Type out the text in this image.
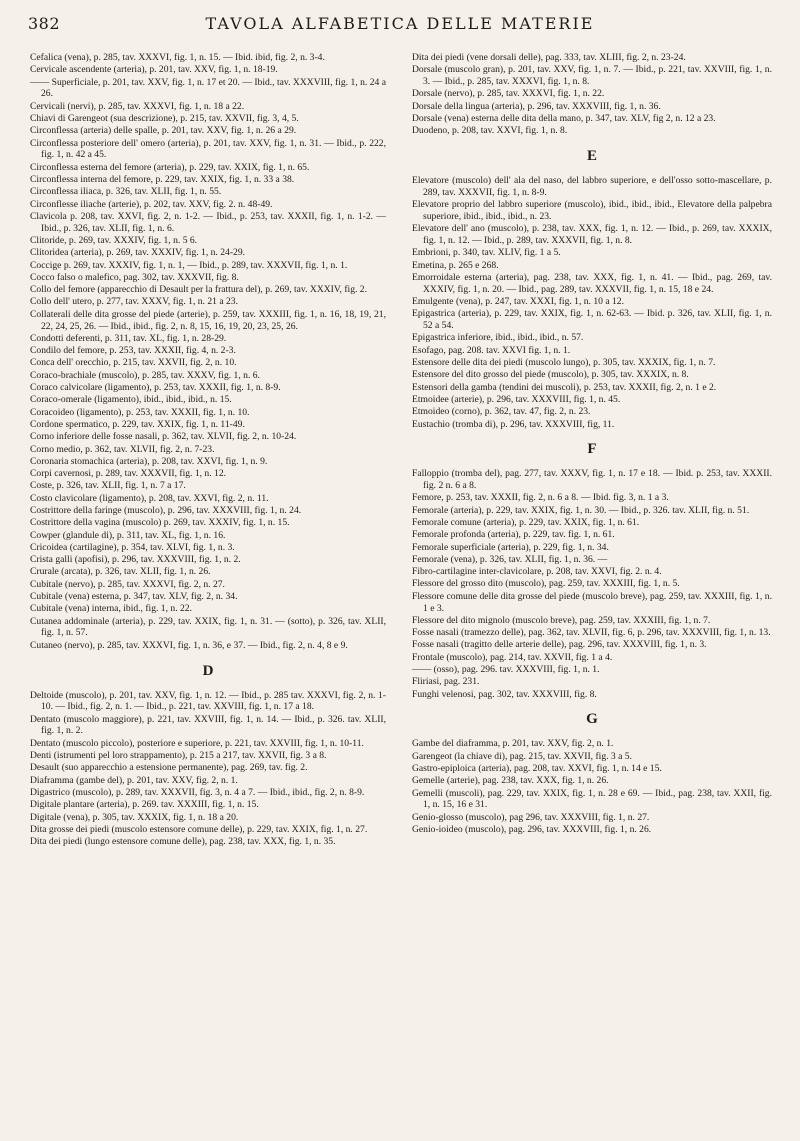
382	TAVOLA ALFABETICA DELLE MATERIE
Cefalica (vena), p. 285, tav. XXXVI, fig. 1, n. 15. — Ibid. ibid, fig. 2, n. 3-4.
Cervicale ascendente (arteria), p. 201, tav. XXV, fig. 1, n. 18-19.
—— Superficiale, p. 201, tav. XXV, fig. 1, n. 17 et 20. — Ibid., tav. XXXVIII, fig. 1, n. 24 a 26.
Cervicali (nervi), p. 285, tav. XXXVI, fig. 1, n. 18 a 22.
Chiavi di Garengeot (sua descrizione), p. 215, tav. XXVII, fig. 3, 4, 5.
Circonflessa (arteria) delle spalle, p. 201, tav. XXV, fig. 1, n. 26 a 29.
Circonflessa posteriore dell' omero (arteria), p. 201, tav. XXV, fig. 1, n. 31. — Ibid., p. 222, fig. 1, n. 42 a 45.
Circonflessa esterna del femore (arteria), p. 229, tav. XXIX, fig. 1, n. 65.
Circonflessa interna del femore, p. 229, tav. XXIX, fig. 1, n. 33 a 38.
Circonflessa iliaca, p. 326, tav. XLII, fig. 1, n. 55.
Circonflesse iliache (arterie), p. 202, tav. XXV, fig. 2. n. 48-49.
Clavicola p. 208, tav. XXVI, fig. 2, n. 1-2. — Ibid., p. 253, tav. XXXII, fig. 1, n. 1-2. — Ibid., p. 326, tav. XLII, fig. 1, n. 6.
Clitoride, p. 269, tav. XXXIV, fig. 1, n. 5 6.
Clitoridea (arteria), p. 269, tav. XXXIV, fig. 1, n. 24-29.
Coccige p. 269, tav. XXXIV, fig. 1, n. 1, — Ibid., p. 289, tav. XXXVII, fig. 1, n. 1.
Cocco falso o malefico, pag. 302, tav. XXXVII, fig. 8.
Collo del femore (apparecchio di Desault per la frattura del), p. 269, tav. XXXIV, fig. 2.
Collo dell' utero, p. 277, tav. XXXV, fig. 1, n. 21 a 23.
Collaterali delle dita grosse del piede (arterie), p. 259, tav. XXXIII, fig. 1, n. 16, 18, 19, 21, 22, 24, 25, 26. — Ibid., ibid., fig. 2, n. 8, 15, 16, 19, 20, 23, 25, 26.
Condotti deferenti, p. 311, tav. XL, fig. 1, n. 28-29.
Condilo del femore, p. 253, tav. XXXII, fig. 4, n. 2-3.
Conca dell' orecchio, p. 215, tav. XXVII, fig. 2, n. 10.
Coraco-brachiale (muscolo), p. 285, tav. XXXV, fig. 1, n. 6.
Coraco calvicolare (ligamento), p. 253, tav. XXXII, fig. 1, n. 8-9.
Coraco-omerale (ligamento), ibid., ibid., ibid., n. 15.
Coracoideo (ligamento), p. 253, tav. XXXII, fig. 1, n. 10.
Cordone spermatico, p. 229, tav. XXIX, fig. 1, n. 11-49.
Corno inferiore delle fosse nasali, p. 362, tav. XLVII, fig. 2, n. 10-24.
Corno medio, p. 362, tav. XLVII, fig. 2, n. 7-23.
Coronaria stomachica (arteria), p. 208, tav. XXVI, fig. 1, n. 9.
Corpi cavernosi, p. 289, tav. XXXVII, fig. 1, n. 12.
Coste, p. 326, tav. XLII, fig. 1, n. 7 a 17.
Costo clavicolare (ligamento), p. 208, tav. XXVI, fig. 2, n. 11.
Costrittore della faringe (muscolo), p. 296, tav. XXXVIII, fig. 1, n. 24.
Costrittore della vagina (muscolo) p. 269, tav. XXXIV, fig. 1, n. 15.
Cowper (glandule di), p. 311, tav. XL, fig. 1, n. 16.
Cricoidea (cartilagine), p. 354, tav. XLVI, fig. 1, n. 3.
Crista galli (apofisi), p. 296, tav. XXXVIII, fig. 1, n. 2.
Crurale (arcata), p. 326, tav. XLII, fig. 1, n. 26.
Cubitale (nervo), p. 285, tav. XXXVI, fig. 2, n. 27.
Cubitale (vena) esterna, p. 347, tav. XLV, fig. 2, n. 34.
Cubitale (vena) interna, ibid., fig. 1, n. 22.
Cutanea addominale (arteria), p. 229, tav. XXIX, fig. 1, n. 31. — (sotto), p. 326, tav. XLII, fig. 1, n. 57.
Cutaneo (nervo), p. 285, tav. XXXVI, fig. 1, n. 36, e 37. — Ibid., fig. 2, n. 4, 8 e 9.
D
Deltoide (muscolo), p. 201, tav. XXV, fig. 1, n. 12. — Ibid., p. 285 tav. XXXVI, fig. 2, n. 1-10. — Ibid., fig. 2, n. 1. — Ibid., p. 221, tav. XXVIII, fig. 1, n. 17 a 18.
Dentato (muscolo maggiore), p. 221, tav. XXVIII, fig. 1, n. 14. — Ibid., p. 326. tav. XLII, fig. 1, n. 2.
Dentato (muscolo piccolo), posteriore e superiore, p. 221, tav. XXVIII, fig. 1, n. 10-11.
Denti (istrumenti pel loro strappamento), p. 215 a 217, tav. XXVII, fig. 3 a 8.
Desault (suo apparecchio a estensione permanente), pag. 269, tav. fig. 2.
Diaframma (gambe del), p. 201, tav. XXV, fig. 2, n. 1.
Digastrico (muscolo), p. 289, tav. XXXVII, fig. 3, n. 4 a 7. — Ibid., ibid., fig. 2, n. 8-9.
Digitale plantare (arteria), p. 269. tav. XXXIII, fig. 1, n. 15.
Digitale (vena), p. 305, tav. XXXIX, fig. 1, n. 18 a 20.
Dita grosse dei piedi (muscolo estensore comune delle), p. 229, tav. XXIX, fig. 1, n. 27.
Dita dei piedi (lungo estensore comune delle), pag. 238, tav. XXX, fig. 1, n. 35.
Dita dei piedi (vene dorsali delle), pag. 333, tav. XLIII, fig. 2, n. 23-24.
Dorsale (muscolo gran), p. 201, tav. XXV, fig. 1, n. 7. — Ibid., p. 221, tav. XXVIII, fig. 1, n. 3. — Ibid., p. 285, tav. XXXVI, fig. 1, n. 8.
Dorsale (nervo), p. 285, tav. XXXVI, fig. 1, n. 22.
Dorsale della lingua (arteria), p. 296, tav. XXXVIII, fig. 1, n. 36.
Dorsale (vena) esterna delle dita della mano, p. 347, tav. XLV, fig 2, n. 12 a 23.
Duodeno, p. 208, tav. XXVI, fig. 1, n. 8.
E
Elevatore (muscolo) dell' ala del naso, del labbro superiore, e dell'osso sotto-mascellare, p. 289, tav. XXXVII, fig. 1, n. 8-9.
Elevatore proprio del labbro superiore (muscolo), ibid., ibid., ibid., Elevatore della palpebra superiore, ibid., ibid., ibid., n. 23.
Elevatore dell' ano (muscolo), p. 238, tav. XXX, fig. 1, n. 12. — Ibid., p. 269, tav. XXXIX, fig. 1, n. 12. — Ibid., p. 289, tav. XXXVII, fig. 1, n. 8.
Embrioni, p. 340, tav. XLIV, fig. 1 a 5.
Emetina, p. 265 e 268.
Emorroidale esterna (arteria), pag. 238, tav. XXX, fig. 1, n. 41. — Ibid., pag. 269, tav. XXXIV, fig. 1, n. 20. — Ibid., pag. 289, tav. XXXVII, fig. 1, n. 15, 18 e 24.
Emulgente (vena), p. 247, tav. XXXI, fig. 1, n. 10 a 12.
Epigastrica (arteria), p. 229, tav. XXIX, fig. 1, n. 62-63. — Ibid. p. 326, tav. XLII, fig. 1, n. 52 a 54.
Epigastrica inferiore, ibid., ibid., ibid., n. 57.
Esofago, pag. 208. tav. XXVI fig. 1, n. 1.
Estensore delle dita dei piedi (muscolo lungo), p. 305, tav. XXXIX, fig. 1, n. 7.
Estensore del dito grosso del piede (muscolo), p. 305, tav. XXXIX, n. 8.
Estensori della gamba (tendini dei muscoli), p. 253, tav. XXXII, fig. 2, n. 1 e 2.
Etmoidee (arterie), p. 296, tav. XXXVIII, fig. 1, n. 45.
Etmoideo (corno), p. 362, tav. 47, fig. 2, n. 23.
Eustachio (tromba di), p. 296, tav. XXXVIII, fig, 11.
F
Falloppio (tromba del), pag. 277, tav. XXXV, fig. 1, n. 17 e 18. — Ibid. p. 253, tav. XXXII. fig. 2 n. 6 a 8.
Femore, p. 253, tav. XXXII, fig. 2, n. 6 a 8. — Ibid. fig. 3, n. 1 a 3.
Femorale (arteria), p. 229, tav. XXIX, fig. 1, n. 30. — Ibid., p. 326. tav. XLII, fig. n. 51.
Femorale comune (arteria), p. 229, tav. XXIX, fig. 1, n. 61.
Femorale profonda (arteria), p. 229, tav. fig. 1, n. 61.
Femorale superficiale (arteria), p. 229, fig. 1, n. 34.
Femorale (vena), p. 326, tav. XLII, fig. 1, n. 36. —
Fibro-cartilagine inter-clavicolare, p. 208, tav. XXVI, fig. 2. n. 4.
Flessore del grosso dito (muscolo), pag. 259, tav. XXXIII, fig. 1, n. 5.
Flessore comune delle dita grosse del piede (muscolo breve), pag. 259, tav. XXXIII, fig. 1, n. 1 e 3.
Flessore del dito mignolo (muscolo breve), pag. 259, tav. XXXIII, fig. 1, n. 7.
Fosse nasali (tramezzo delle), pag. 362, tav. XLVII, fig. 6, p. 296, tav. XXXVIII, fig. 1, n. 13.
Fosse nasali (tragitto delle arterie delle), pag. 296, tav. XXXVIII, fig. 1, n. 3.
Frontale (muscolo), pag. 214, tav. XXVII, fig. 1 a 4.
—— (osso), pag. 296. tav. XXXVIII, fig. 1, n. 1.
Fliriasi, pag. 231.
Funghi velenosi, pag. 302, tav. XXXVIII, fig. 8.
G
Gambe del diaframma, p. 201, tav. XXV, fig. 2, n. 1.
Garengeot (la chiave di), pag. 215, tav. XXVII, fig. 3 a 5.
Gastro-epiploica (arteria), pag. 208, tav. XXVI, fig. 1, n. 14 e 15.
Gemelle (arterie), pag. 238, tav. XXX, fig. 1, n. 26.
Gemelli (muscoli), pag. 229, tav. XXIX, fig. 1, n. 28 e 69. — Ibid., pag. 238, tav. XXII, fig. 1, n. 15, 16 e 31.
Genio-glosso (muscolo), pag 296, tav. XXXVIII, fig. 1, n. 27.
Genio-ioideo (muscolo), pag. 296, tav. XXXVIII, fig. 1, n. 26.
